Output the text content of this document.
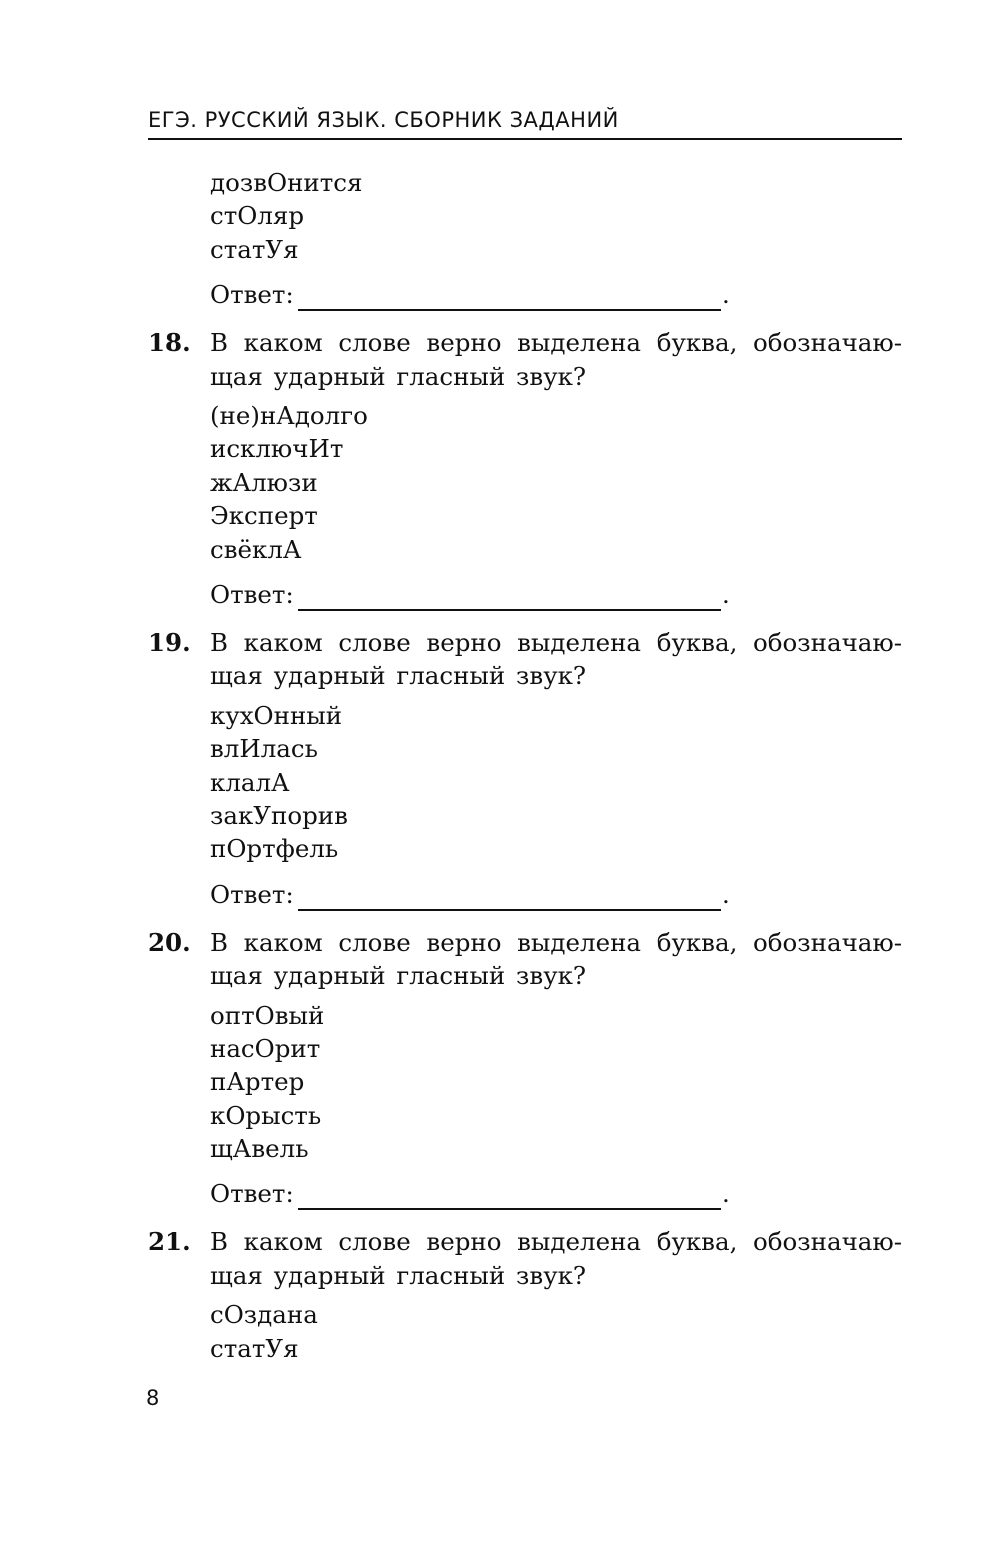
ЕГЭ. РУССКИЙ ЯЗЫК. СБОРНИК ЗАДАНИЙ
дозвОнится
стОляр
статУя
Ответ:	.
18. В каком слове верно выделена буква, обозначаю- щая ударный гласный звук?
(не)нАдолго
исключИт
жАлюзи
Эксперт
свёклА
Ответ:	.
19. В каком слове верно выделена буква, обозначаю- щая ударный гласный звук?
кухОнный
влИлась
клалА
закУпорив
пОртфель
Ответ:	.
20. В каком слове верно выделена буква, обозначаю- щая ударный гласный звук?
оптОвый
насОрит
пАртер
кОрысть
щАвель
Ответ:	.
21. В каком слове верно выделена буква, обозначаю- щая ударный гласный звук?
сОздана
статУя
8
